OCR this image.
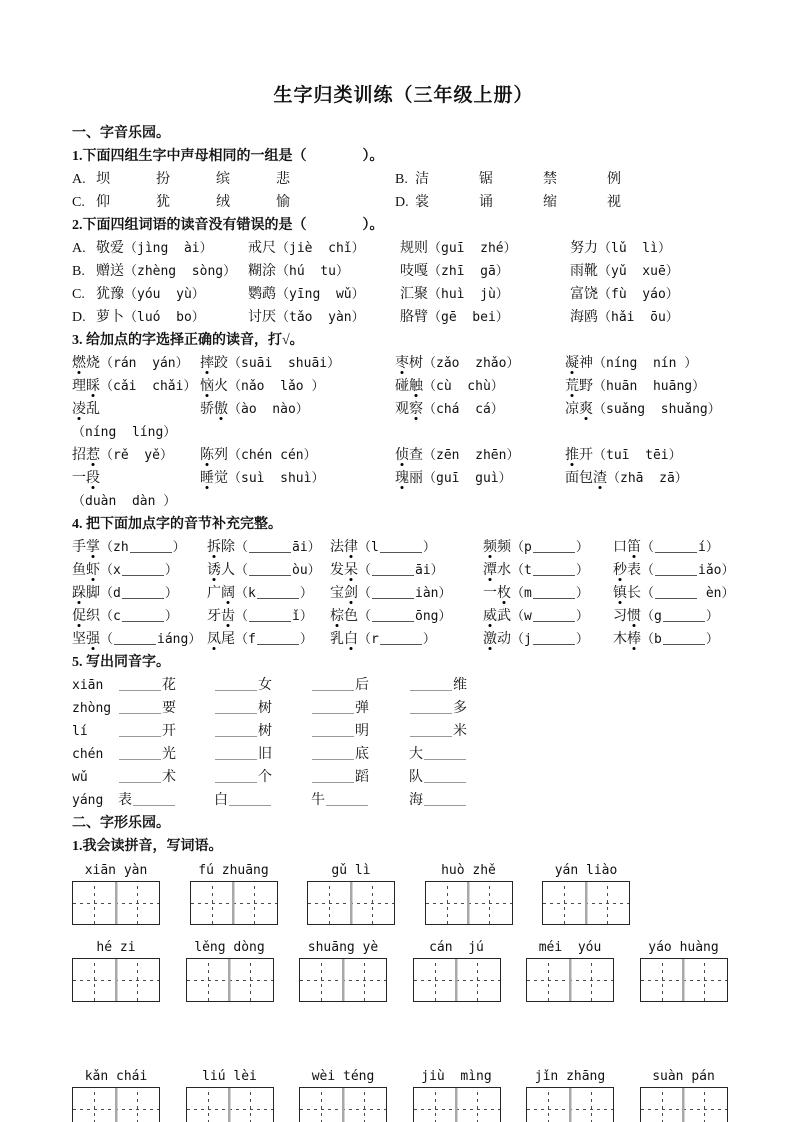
生字归类训练（三年级上册）
一、字音乐园。
1.下面四组生字中声母相同的一组是（　　　　）。
A. 坝	扮	缤	悲	B. 洁	锯	禁	例
C. 仰	犹	绒	愉	D. 裳	诵	缩	视
2.下面四组词语的读音没有错误的是（　　　　）。
A. 敬爱（jìng  ài）	戒尺（jiè  chǐ）	规则（guī  zhé）	努力（lǔ  lì）
B. 赠送（zhèng  sòng） 糊涂（hú  tu）	吱嘎（zhī  gā）	雨靴（yǔ  xuē）
C. 犹豫（yóu  yù）	鹦鹉（yīng  wǔ）	汇聚（huì  jù）	富饶（fù  yáo）
D. 萝卜（luó  bo）	讨厌（tǎo  yàn）	胳臂（gē  bei）	海鸥（hǎi  ōu）
3. 给加点的字选择正确的读音，打√。
燃烧（rán  yán） 摔跤（suāi  shuāi）	枣树（zǎo  zhǎo）	凝神（níng  nín ）
理睬（cǎi  chǎi） 恼火（nǎo  lǎo ）	碰触（cù  chù）	荒野（huān  huāng）
凌乱（níng  líng）
骄傲（ào  nào）	观察（chá  cá）	凉爽（suǎng  shuǎng）
招惹（rě  yě）	陈列（chén cén）	侦查（zēn  zhēn）	推开（tuī  tēi）
一段（duàn  dàn ）
睡觉（suì  shuì）	瑰丽（guī  guì）	面包渣（zhā  zā）
4. 把下面加点字的音节补充完整。
手掌（zh	）	拆除（	āi） 法律（l	）	频频（p	）	口笛（	í）
鱼虾（x	）	诱人（	òu） 发呆（	āi）	潭水（t	）	秒表（	iǎo）
跺脚（d	）	广阔（k	）	宝剑（	iàn）	一枚（m	）	镇长（	èn）
促织（c	）	牙齿（	ǐ）	棕色（	ōng）	威武（w	）	习惯（g	）
坚强（	iáng） 凤尾（f	）	乳白（r	）	激动（j	）	木棒（b	）
5. 写出同音字。
xiān	花	女	后	维
zhòng	要	树	弹	多
lí	开	树	明	米
chén	光	旧	底	大
wǔ	术	个	蹈	队
yáng	表	白	牛	海
二、字形乐园。
1.我会读拼音，写词语。
xiān yàn
	fú zhuāng
	gǔ lì
	huò zhě
	yán liào
hé zi
	lěng dòng
	shuāng yè
	cán  jú
	méi  yóu
	yáo huàng
kǎn chái
	liú lèi
	wèi téng
	jiù  mìng
	jǐn zhāng
	suàn pán
